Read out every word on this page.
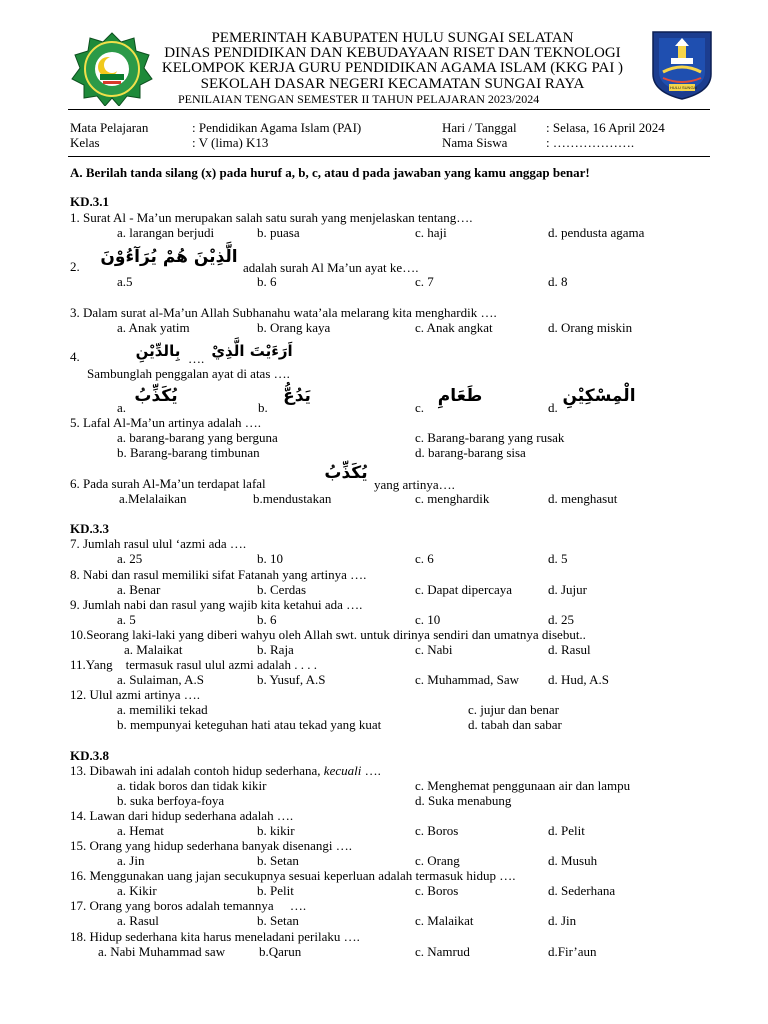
HULU SUNGAI
PEMERINTAH KABUPATEN HULU SUNGAI SELATAN
DINAS PENDIDIKAN DAN KEBUDAYAAN RISET DAN TEKNOLOGI
KELOMPOK KERJA GURU PENDIDIKAN AGAMA ISLAM (KKG PAI )
SEKOLAH DASAR NEGERI KECAMATAN SUNGAI RAYA
PENILAIAN TENGAN SEMESTER II TAHUN PELAJARAN 2023/2024
Mata Pelajaran	: Pendidikan Agama Islam (PAI)
Kelas	: V (lima) K13
Hari / Tanggal : Selasa, 16 April 2024
Nama Siswa	: ……………….
A. Berilah tanda silang (x) pada huruf a, b, c, atau d pada jawaban yang kamu anggap benar!
KD.3.1
1. Surat Al - Ma’un merupakan salah satu surah yang menjelaskan tentang….
a. larangan berjudi	b. puasa	c. haji	d. pendusta agama
2. الَّذِيْنَ هُمْ يُرَآءُوْنَ
adalah surah Al Ma’un ayat ke….
a.5	b. 6	c. 7	d. 8
3. Dalam surat al-Ma’un Allah Subhanahu wata’ala melarang kita menghardik ….
a. Anak yatim	b. Orang kaya	c. Anak angkat	d. Orang miskin
4.	بِالدِّيْنِ …. اَرَءَيْتَ الَّذِيْ
Sambunglah penggalan ayat di atas ….
a.
يُكَذِّبُ
b.
يَدُعُّ
c.
طَعَامِ
d.
الْمِسْكِيْنِ
5. Lafal Al-Ma’un artinya adalah ….
a. barang-barang yang berguna
b. Barang-barang timbunan
c. Barang-barang yang rusak
d. barang-barang sisa
6. Pada surah Al-Ma’un terdapat lafal
يُكَذِّبُ
yang artinya….
a.Melalaikan	b.mendustakan	c. menghardik	d. menghasut
KD.3.3
7. Jumlah rasul ulul ‘azmi ada ….
a. 25	b. 10	c. 6	d. 5
8. Nabi dan rasul memiliki sifat Fatanah yang artinya ….
a. Benar	b. Cerdas	c. Dapat dipercaya	d. Jujur
9. Jumlah nabi dan rasul yang wajib kita ketahui ada ….
a. 5	b. 6	c. 10	d. 25
10.Seorang laki-laki yang diberi wahyu oleh Allah swt. untuk dirinya sendiri dan umatnya disebut..
a. Malaikat	b. Raja	c. Nabi	d. Rasul
11.Yang    termasuk rasul ulul azmi adalah . . . .
a. Sulaiman, A.S	b. Yusuf, A.S	c. Muhammad, Saw d. Hud, A.S
12. Ulul azmi artinya ….
a. memiliki tekad
b. mempunyai keteguhan hati atau tekad yang kuat
c. jujur dan benar
d. tabah dan sabar
KD.3.8
13. Dibawah ini adalah contoh hidup sederhana, kecuali ….
a. tidak boros dan tidak kikir
b. suka berfoya-foya
c. Menghemat penggunaan air dan lampu
d. Suka menabung
14. Lawan dari hidup sederhana adalah ….
a. Hemat	b. kikir	c. Boros	d. Pelit
15. Orang yang hidup sederhana banyak disenangi ….
a. Jin	b. Setan	c. Orang	d. Musuh
16. Menggunakan uang jajan secukupnya sesuai keperluan adalah termasuk hidup ….
a. Kikir	b. Pelit	c. Boros	d. Sederhana
17. Orang yang boros adalah temannya     ….
a. Rasul	b. Setan	c. Malaikat	d. Jin
18. Hidup sederhana kita harus meneladani perilaku ….
a. Nabi Muhammad saw	b.Qarun	c. Namrud	d.Fir’aun
